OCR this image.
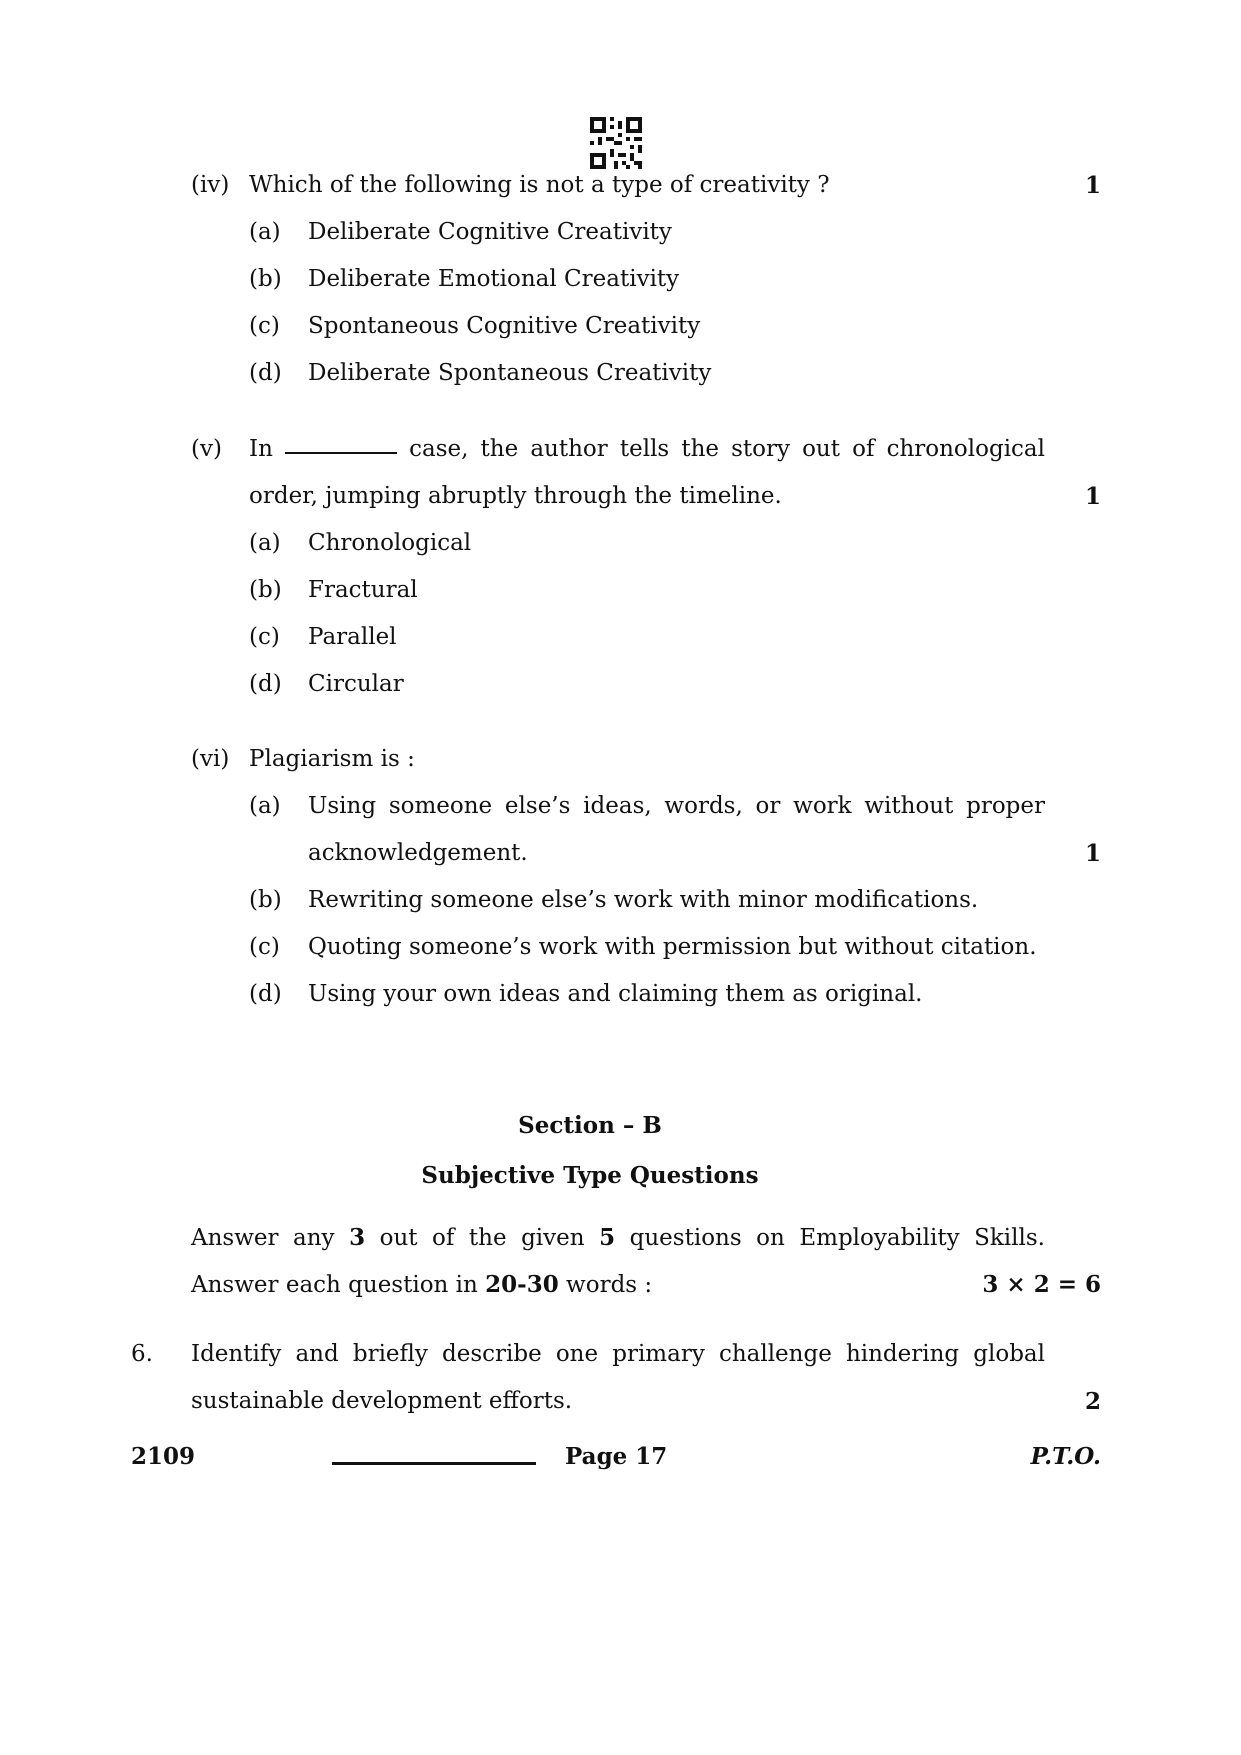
(iv) Which of the following is not a type of creativity ?	1
(a) Deliberate Cognitive Creativity
(b) Deliberate Emotional Creativity
(c) Spontaneous Cognitive Creativity
(d) Deliberate Spontaneous Creativity
(v) In	case, the author tells the story out of chronological
order, jumping abruptly through the timeline.	1
(a) Chronological
(b) Fractural
(c) Parallel
(d) Circular
(vi) Plagiarism is :
(a) Using someone else’s ideas, words, or work without proper
acknowledgement.	1
(b) Rewriting someone else’s work with minor modifications.
(c) Quoting someone’s work with permission but without citation.
(d) Using your own ideas and claiming them as original.
Section – B
Subjective Type Questions
Answer any 3 out of the given 5 questions on Employability Skills.
Answer each question in 20-30 words :	3 × 2 = 6
6. Identify and briefly describe one primary challenge hindering global
sustainable development efforts.	2
2109	Page 17	P.T.O.
